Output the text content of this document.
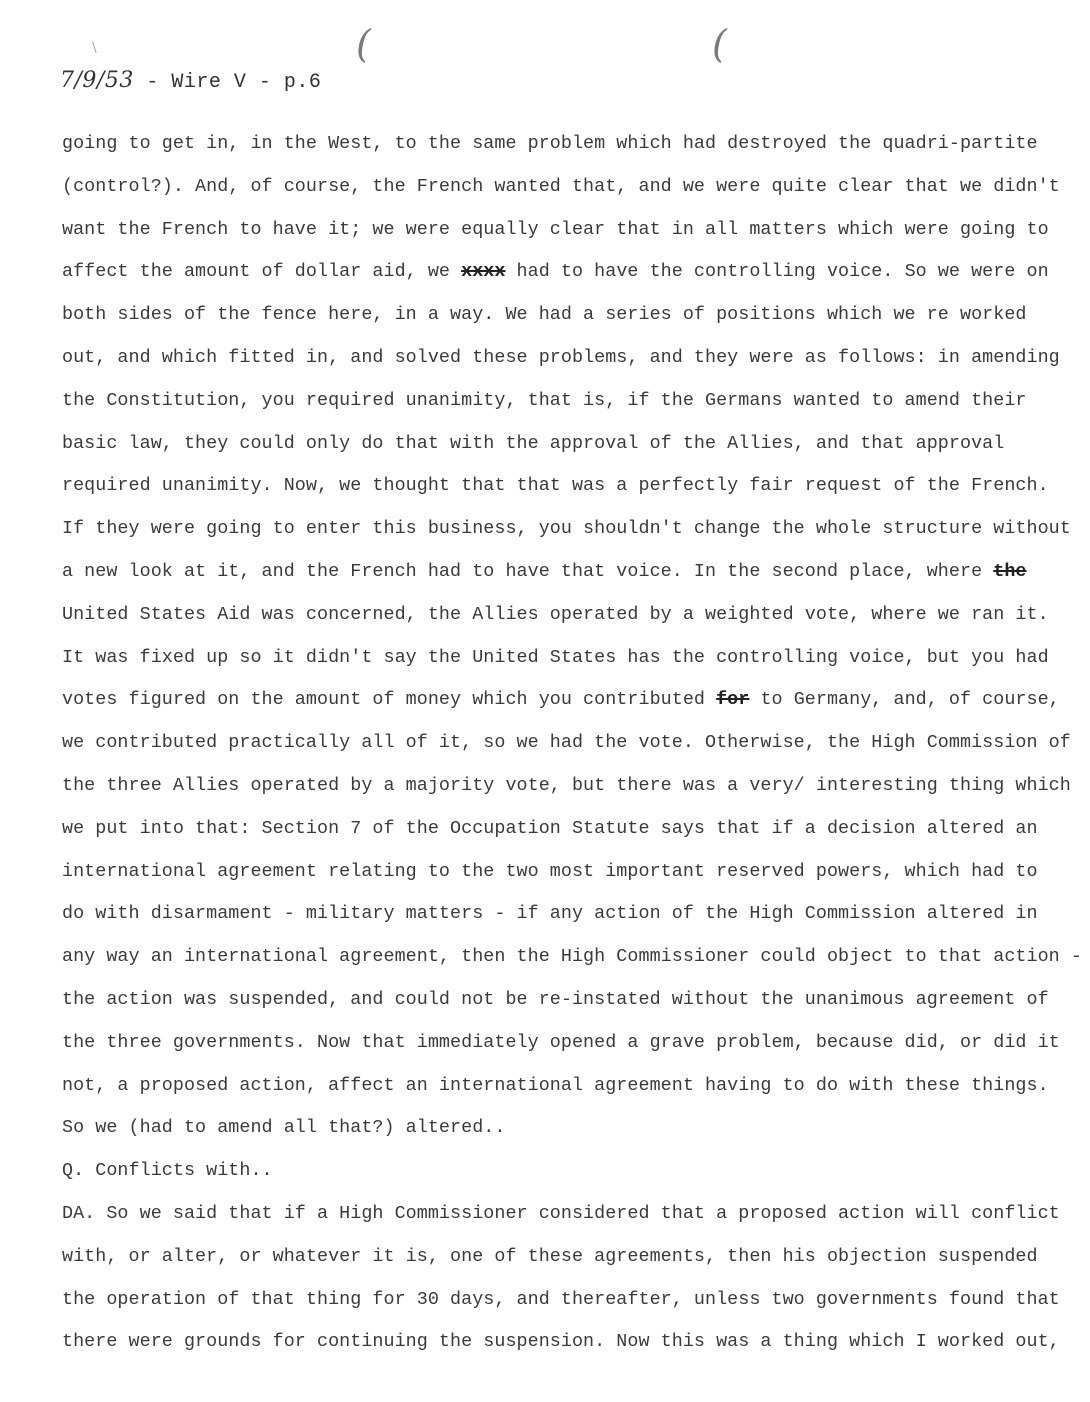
\	(	(
7/9/53 - Wire V - p.6
going to get in, in the West, to the same problem which had destroyed the quadri-partite
(control?). And, of course, the French wanted that, and we were quite clear that we didn't
want the French to have it; we were equally clear that in all matters which were going to
affect the amount of dollar aid, we xxxx had to have the controlling voice. So we were on
both sides of the fence here, in a way. We had a series of positions which we re worked
out, and which fitted in, and solved these problems, and they were as follows: in amending
the Constitution, you required unanimity, that is, if the Germans wanted to amend their
basic law, they could only do that with the approval of the Allies, and that approval
required unanimity. Now, we thought that that was a perfectly fair request of the French.
If they were going to enter this business, you shouldn't change the whole structure without
a new look at it, and the French had to have that voice. In the second place, where the
United States Aid was concerned, the Allies operated by a weighted vote, where we ran it.
It was fixed up so it didn't say the United States has the controlling voice, but you had
votes figured on the amount of money which you contributed for to Germany, and, of course,
we contributed practically all of it, so we had the vote. Otherwise, the High Commission of
the three Allies operated by a majority vote, but there was a very/ interesting thing which
we put into that: Section 7 of the Occupation Statute says that if a decision altered an
international agreement relating to the two most important reserved powers, which had to
do with disarmament - military matters - if any action of the High Commission altered in
any way an international agreement, then the High Commissioner could object to that action -
the action was suspended, and could not be re-instated without the unanimous agreement of
the three governments. Now that immediately opened a grave problem, because did, or did it
not, a proposed action, affect an international agreement having to do with these things.
So we (had to amend all that?) altered..
Q. Conflicts with..
DA. So we said that if a High Commissioner considered that a proposed action will conflict
with, or alter, or whatever it is, one of these agreements, then his objection suspended
the operation of that thing for 30 days, and thereafter, unless two governments found that
there were grounds for continuing the suspension. Now this was a thing which I worked out,
